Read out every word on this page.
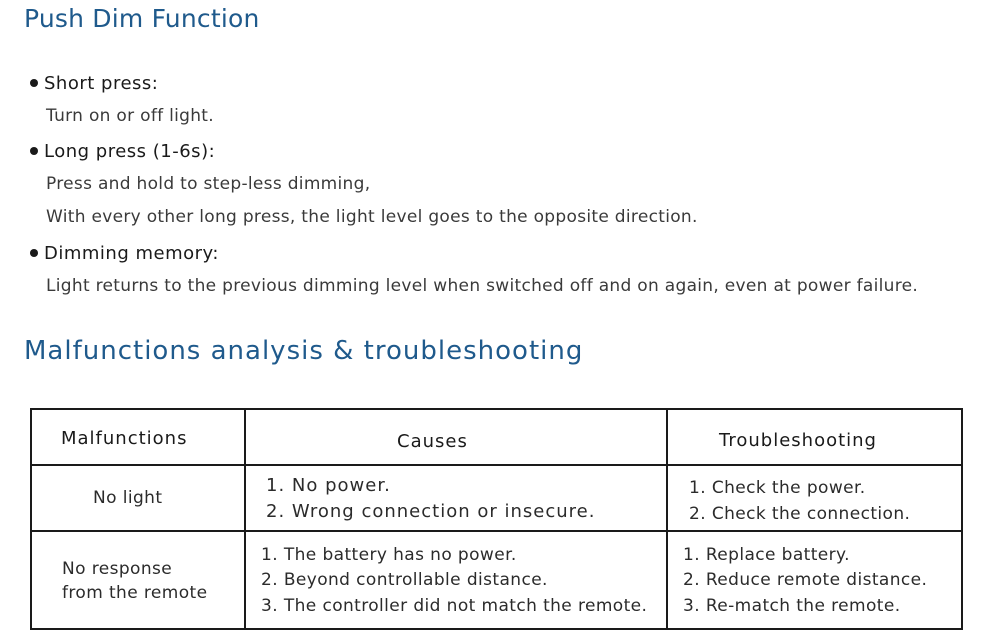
Push Dim Function
Short press:
Turn on or off light.
Long press (1-6s):
Press and hold to step-less dimming,
With every other long press, the light level goes to the opposite direction.
Dimming memory:
Light returns to the previous dimming level when switched off and on again, even at power failure.
Malfunctions analysis & troubleshooting
Malfunctions	Causes	Troubleshooting
No light
1. No power.
2. Wrong connection or insecure.
1. Check the power.
2. Check the connection.
No response
from the remote
1. The battery has no power.
2. Beyond controllable distance.
3. The controller did not match the remote.
1. Replace battery.
2. Reduce remote distance.
3. Re-match the remote.
